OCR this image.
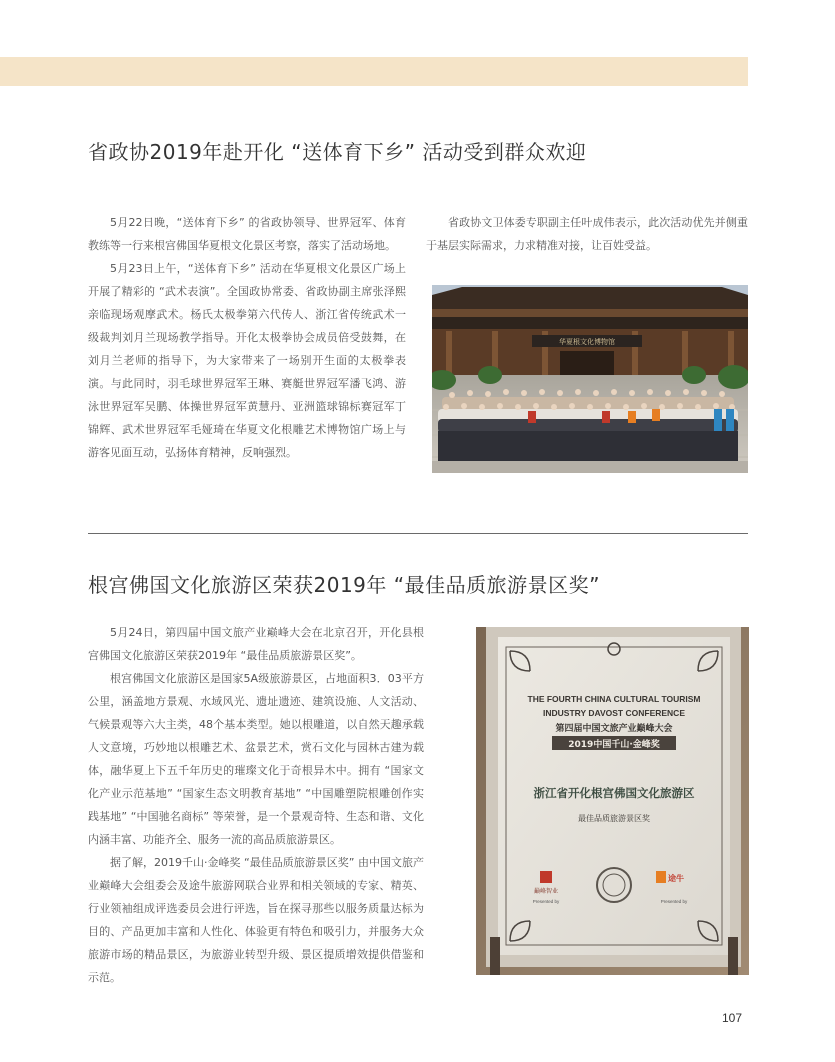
省政协2019年赴开化 “送体育下乡” 活动受到群众欢迎

5月22日晚，“送体育下乡” 的省政协领导、世界冠军、体育教练等一行来根宫佛国华夏根文化景区考察，落实了活动场地。

5月23日上午，“送体育下乡” 活动在华夏根文化景区广场上开展了精彩的 “武术表演”。全国政协常委、省政协副主席张泽熙亲临现场观摩武术。杨氏太极拳第六代传人、浙江省传统武术一级裁判刘月兰现场教学指导。开化太极拳协会成员倍受鼓舞，在刘月兰老师的指导下，为大家带来了一场别开生面的太极拳表演。与此同时，羽毛球世界冠军王琳、赛艇世界冠军潘飞鸿、游泳世界冠军吴鹏、体操世界冠军黄慧丹、亚洲篮球锦标赛冠军丁锦辉、武术世界冠军毛娅琦在华夏文化根雕艺术博物馆广场上与游客见面互动，弘扬体育精神，反响强烈。

省政协文卫体委专职副主任叶成伟表示，此次活动优先并侧重于基层实际需求，力求精准对接，让百姓受益。

华夏根文化博物馆
根宫佛国文化旅游区荣获2019年 “最佳品质旅游景区奖”

5月24日，第四届中国文旅产业巅峰大会在北京召开，开化县根宫佛国文化旅游区荣获2019年 “最佳品质旅游景区奖”。

根宫佛国文化旅游区是国家5A级旅游景区，占地面积3．03平方公里，涵盖地方景观、水域风光、遗址遗迹、建筑设施、人文活动、气候景观等六大主类，48个基本类型。她以根雕道，以自然天趣承载人文意境，巧妙地以根雕艺术、盆景艺术，赏石文化与园林古建为载体，融华夏上下五千年历史的璀璨文化于奇根异木中。拥有 “国家文化产业示范基地” “国家生态文明教育基地” “中国雕塑院根雕创作实践基地” “中国驰名商标” 等荣誉，是一个景观奇特、生态和谐、文化内涵丰富、功能齐全、服务一流的高品质旅游景区。

据了解，2019千山·金峰奖 “最佳品质旅游景区奖” 由中国文旅产业巅峰大会组委会及途牛旅游网联合业界和相关领域的专家、精英、行业领袖组成评选委员会进行评选，旨在探寻那些以服务质量达标为目的、产品更加丰富和人性化、体验更有特色和吸引力，并服务大众旅游市场的精品景区，为旅游业转型升级、景区提质增效提供借鉴和示范。

THE FOURTH CHINA CULTURAL TOURISM
INDUSTRY DAVOST CONFERENCE
第四届中国文旅产业巅峰大会
2019中国千山·金峰奖
浙江省开化根宫佛国文化旅游区
最佳品质旅游景区奖
巅峰智业
Presented by
途牛
Presented by
107
